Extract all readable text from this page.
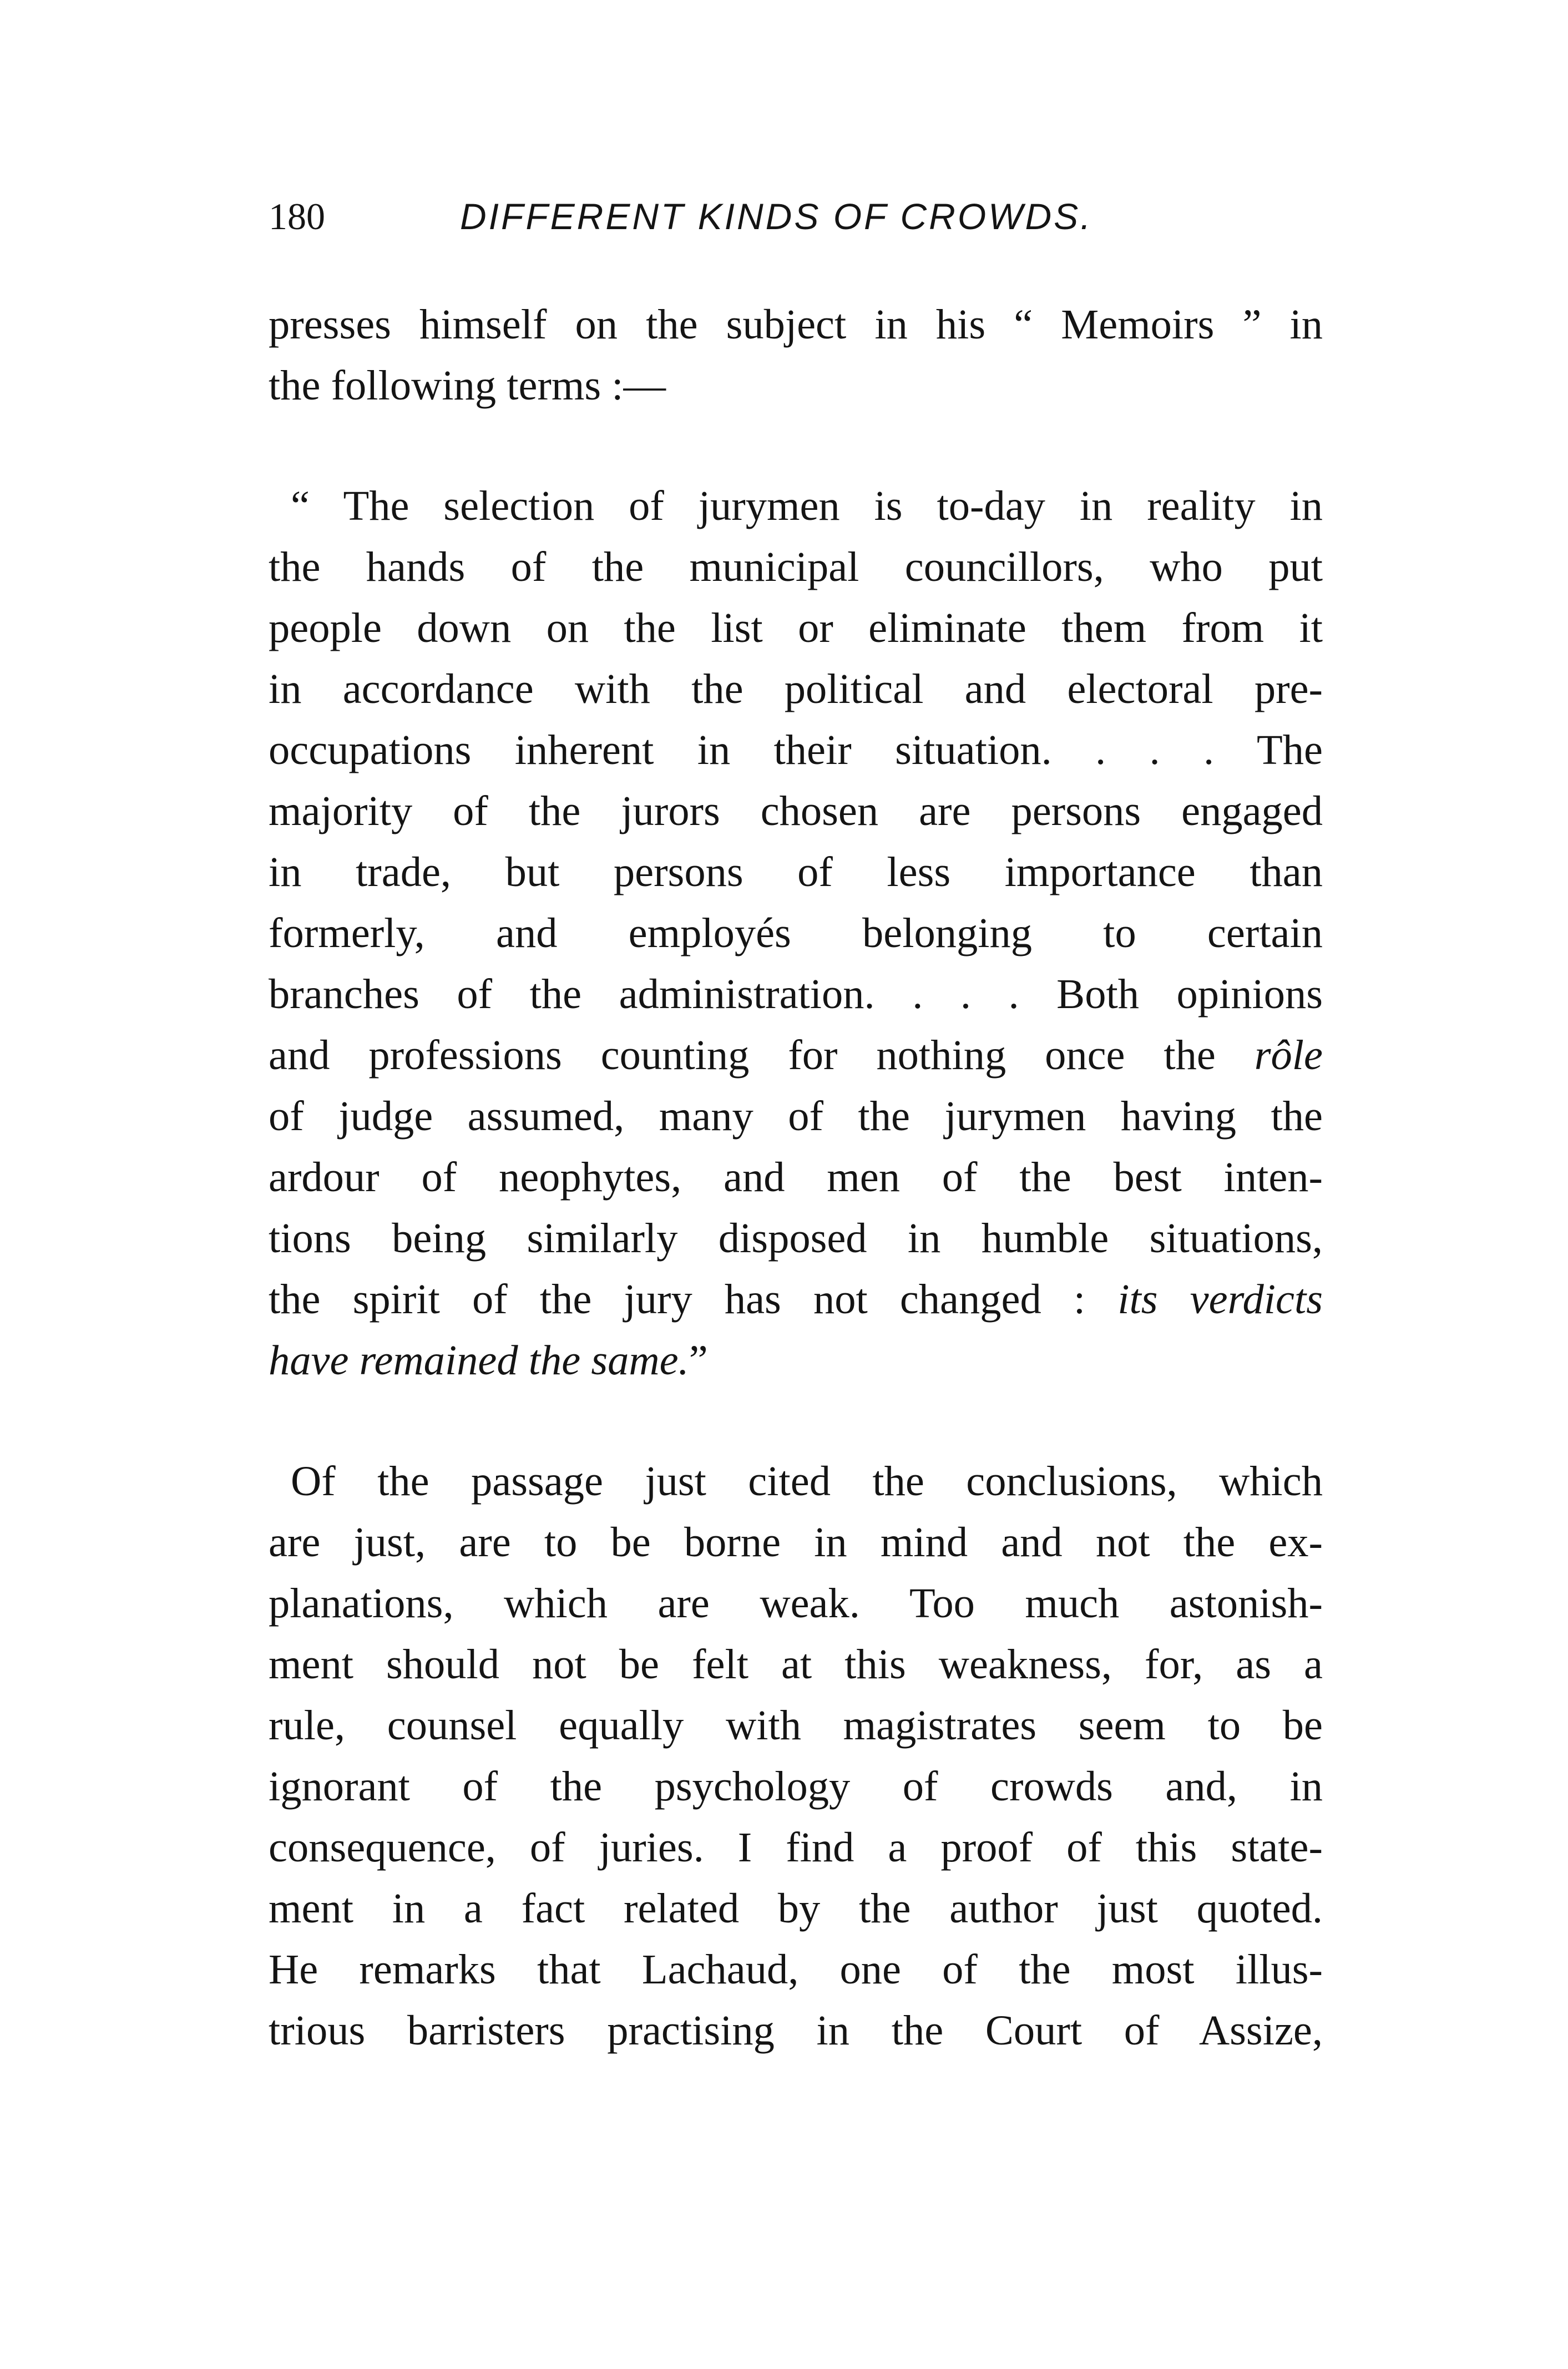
180	DIFFERENT KINDS OF CROWDS.
presses himself on the subject in his “ Memoirs ” in
the following terms :—
“ The selection of jurymen is to-day in reality in
the hands of the municipal councillors, who put
people down on the list or eliminate them from it
in accordance with the political and electoral pre-
occupations inherent in their situation. . . . The
majority of the jurors chosen are persons engaged
in trade, but persons of less importance than
formerly, and employés belonging to certain
branches of the administration. . . . Both opinions
and professions counting for nothing once the rôle
of judge assumed, many of the jurymen having the
ardour of neophytes, and men of the best inten-
tions being similarly disposed in humble situations,
the spirit of the jury has not changed : its verdicts
have remained the same.”
Of the passage just cited the conclusions, which
are just, are to be borne in mind and not the ex-
planations, which are weak. Too much astonish-
ment should not be felt at this weakness, for, as a
rule, counsel equally with magistrates seem to be
ignorant of the psychology of crowds and, in
consequence, of juries. I find a proof of this state-
ment in a fact related by the author just quoted.
He remarks that Lachaud, one of the most illus-
trious barristers practising in the Court of Assize,
